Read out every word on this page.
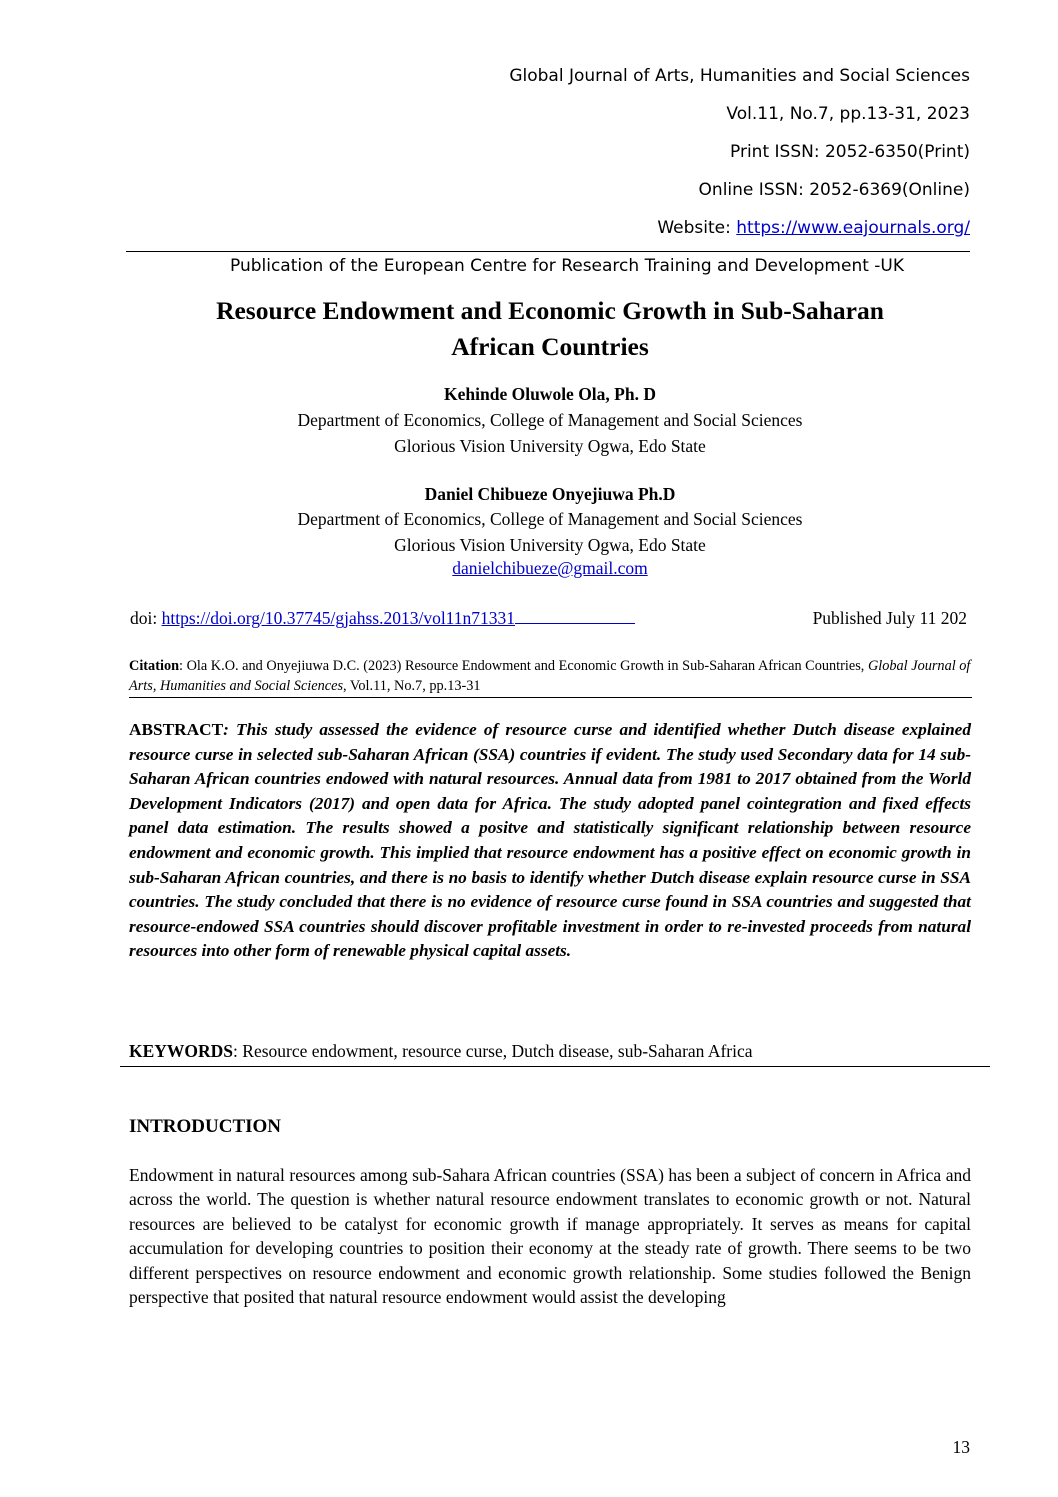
Global Journal of Arts, Humanities and Social Sciences
Vol.11, No.7, pp.13-31, 2023
Print ISSN: 2052-6350(Print)
Online ISSN: 2052-6369(Online)
Website: https://www.eajournals.org/
Publication of the European Centre for Research Training and Development -UK
Resource Endowment and Economic Growth in Sub-Saharan
African Countries
Kehinde Oluwole Ola, Ph. D
Department of Economics, College of Management and Social Sciences
Glorious Vision University Ogwa, Edo State
Daniel Chibueze Onyejiuwa Ph.D
Department of Economics, College of Management and Social Sciences
Glorious Vision University Ogwa, Edo State
danielchibueze@gmail.com
doi: https://doi.org/10.37745/gjahss.2013/vol11n71331	Published July 11 202
Citation: Ola K.O. and Onyejiuwa D.C. (2023) Resource Endowment and Economic Growth in Sub-Saharan African Countries, Global Journal of Arts, Humanities and Social Sciences, Vol.11, No.7, pp.13-31
ABSTRACT: This study assessed the evidence of resource curse and identified whether Dutch disease explained resource curse in selected sub-Saharan African (SSA) countries if evident. The study used Secondary data for 14 sub-Saharan African countries endowed with natural resources. Annual data from 1981 to 2017 obtained from the World Development Indicators (2017) and open data for Africa. The study adopted panel cointegration and fixed effects panel data estimation. The results showed a positve and statistically significant relationship between resource endowment and economic growth. This implied that resource endowment has a positive effect on economic growth in sub-Saharan African countries, and there is no basis to identify whether Dutch disease explain resource curse in SSA countries. The study concluded that there is no evidence of resource curse found in SSA countries and suggested that resource-endowed SSA countries should discover profitable investment in order to re-invested proceeds from natural resources into other form of renewable physical capital assets.
KEYWORDS: Resource endowment, resource curse, Dutch disease, sub-Saharan Africa
INTRODUCTION
Endowment in natural resources among sub-Sahara African countries (SSA) has been a subject of concern in Africa and across the world. The question is whether natural resource endowment translates to economic growth or not. Natural resources are believed to be catalyst for economic growth if manage appropriately. It serves as means for capital accumulation for developing countries to position their economy at the steady rate of growth. There seems to be two different perspectives on resource endowment and economic growth relationship. Some studies followed the Benign perspective that posited that natural resource endowment would assist the developing
13
